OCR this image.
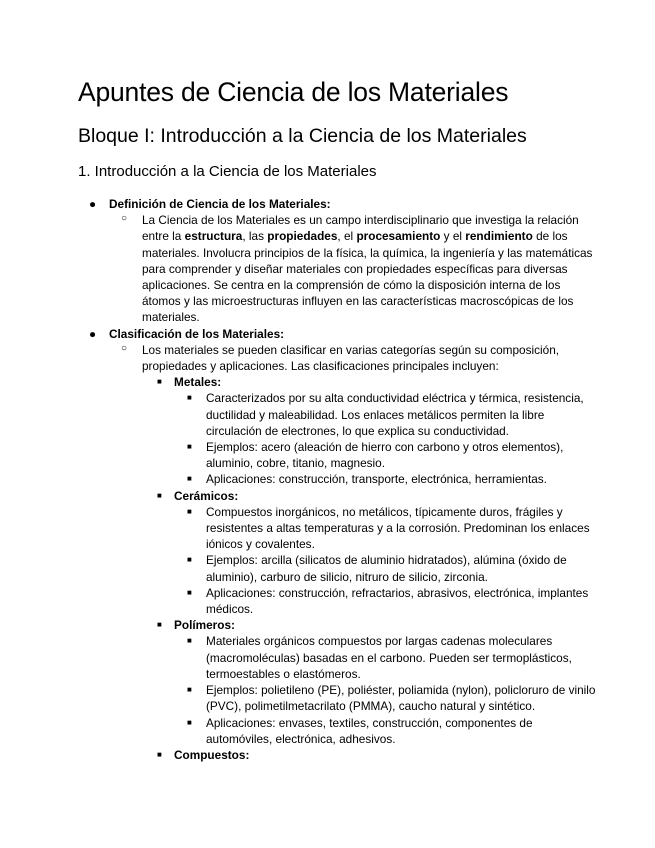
Apuntes de Ciencia de los Materiales
Bloque I: Introducción a la Ciencia de los Materiales
1. Introducción a la Ciencia de los Materiales
● Definición de Ciencia de los Materiales:
○ La Ciencia de los Materiales es un campo interdisciplinario que investiga la relación entre la estructura, las propiedades, el procesamiento y el rendimiento de los materiales. Involucra principios de la física, la química, la ingeniería y las matemáticas para comprender y diseñar materiales con propiedades específicas para diversas aplicaciones. Se centra en la comprensión de cómo la disposición interna de los átomos y las microestructuras influyen en las características macroscópicas de los materiales.
● Clasificación de los Materiales:
○ Los materiales se pueden clasificar en varias categorías según su composición, propiedades y aplicaciones. Las clasificaciones principales incluyen:
■ Metales:
■ Caracterizados por su alta conductividad eléctrica y térmica, resistencia, ductilidad y maleabilidad. Los enlaces metálicos permiten la libre circulación de electrones, lo que explica su conductividad.
■ Ejemplos: acero (aleación de hierro con carbono y otros elementos), aluminio, cobre, titanio, magnesio.
■ Aplicaciones: construcción, transporte, electrónica, herramientas.
■ Cerámicos:
■ Compuestos inorgánicos, no metálicos, típicamente duros, frágiles y resistentes a altas temperaturas y a la corrosión. Predominan los enlaces iónicos y covalentes.
■ Ejemplos: arcilla (silicatos de aluminio hidratados), alúmina (óxido de aluminio), carburo de silicio, nitruro de silicio, zirconia.
■ Aplicaciones: construcción, refractarios, abrasivos, electrónica, implantes médicos.
■ Polímeros:
■ Materiales orgánicos compuestos por largas cadenas moleculares (macromoléculas) basadas en el carbono. Pueden ser termoplásticos, termoestables o elastómeros.
■ Ejemplos: polietileno (PE), poliéster, poliamida (nylon), policloruro de vinilo (PVC), polimetilmetacrilato (PMMA), caucho natural y sintético.
■ Aplicaciones: envases, textiles, construcción, componentes de automóviles, electrónica, adhesivos.
■ Compuestos:
